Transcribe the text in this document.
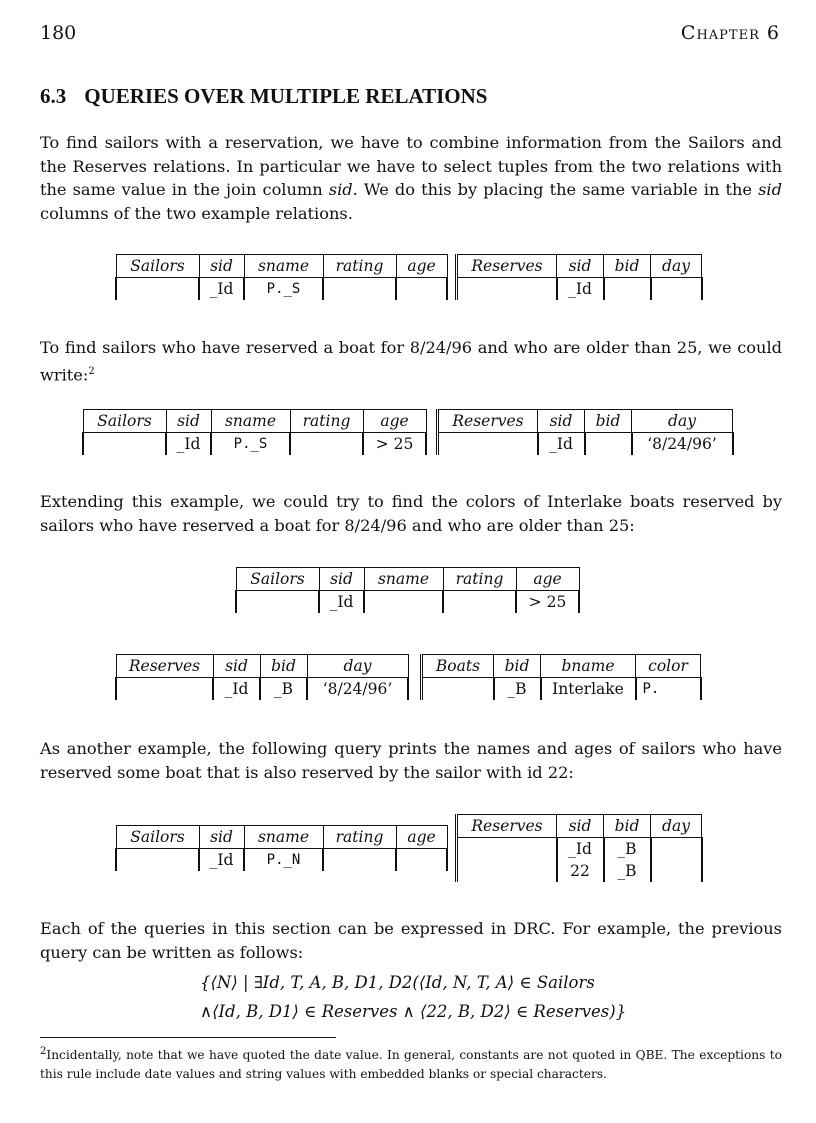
180	Chapter 6
6.3 QUERIES OVER MULTIPLE RELATIONS
To find sailors with a reservation, we have to combine information from the Sailors and the Reserves relations. In particular we have to select tuples from the two relations with the same value in the join column sid. We do this by placing the same variable in the sid columns of the two example relations.
Sailors	sid	sname	rating	age
	_Id	P._S		
Reserves	sid	bid	day
	_Id		
To find sailors who have reserved a boat for 8/24/96 and who are older than 25, we could write:$^2$
Sailors	sid	sname	rating	age
	_Id	P._S		> 25
Reserves	sid	bid	day
	_Id		‘8/24/96’
Extending this example, we could try to find the colors of Interlake boats reserved by sailors who have reserved a boat for 8/24/96 and who are older than 25:
Sailors	sid	sname	rating	age
	_Id			> 25
Reserves	sid	bid	day
	_Id	_B	‘8/24/96’
Boats	bid	bname	color
	_B	Interlake	P.
As another example, the following query prints the names and ages of sailors who have reserved some boat that is also reserved by the sailor with id 22:
Sailors	sid	sname	rating	age
	_Id	P._N		
Reserves	sid	bid	day
	_Id	_B	
	22	_B	
Each of the queries in this section can be expressed in DRC. For example, the previous query can be written as follows:
{⟨N⟩ | ∃Id, T, A, B, D1, D2(⟨Id, N, T, A⟩ ∈ Sailors
∧⟨Id, B, D1⟩ ∈ Reserves ∧ ⟨22, B, D2⟩ ∈ Reserves)}
$^2$Incidentally, note that we have quoted the date value. In general, constants are not quoted in QBE. The exceptions to this rule include date values and string values with embedded blanks or special characters.
